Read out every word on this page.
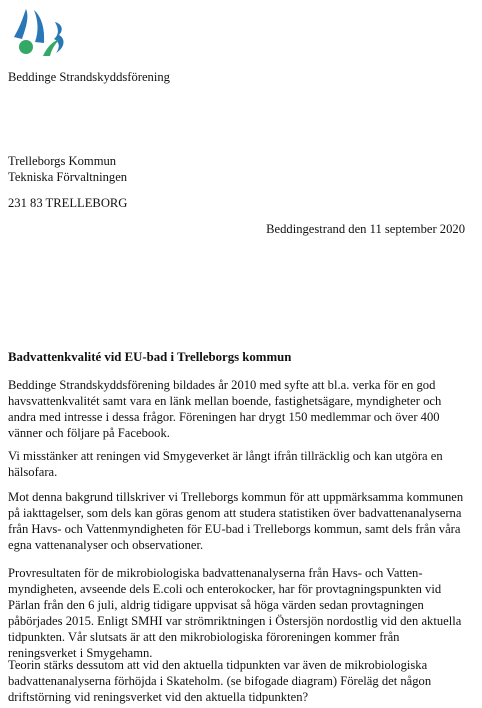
Beddinge Strandskyddsförening

Trelleborgs Kommun

Tekniska Förvaltningen

231 83 TRELLEBORG

Beddingestrand den 11 september 2020

Badvattenkvalité vid EU-bad i Trelleborgs kommun

Beddinge Strandskyddsförening bildades år 2010 med syfte att bl.a. verka för en god havsvattenkvalitét samt vara en länk mellan boende, fastighetsägare, myndigheter och andra med intresse i dessa frågor. Föreningen har drygt 150 medlemmar och över 400 vänner och följare på Facebook.

Vi misstänker att reningen vid Smygeverket är långt ifrån tillräcklig och kan utgöra en hälsofara.

Mot denna bakgrund tillskriver vi Trelleborgs kommun för att uppmärksamma kommunen på iakttagelser, som dels kan göras genom att studera statistiken över badvattenanalyserna från Havs- och Vattenmyndigheten för EU-bad i Trelleborgs kommun, samt dels från våra egna vattenanalyser och observationer.

Provresultaten för de mikrobiologiska badvattenanalyserna från Havs- och Vatten-myndigheten, avseende dels E.coli och enterokocker, har för provtagningspunkten vid Pärlan från den 6 juli, aldrig tidigare uppvisat så höga värden sedan provtagningen påbörjades 2015. Enligt SMHI var strömriktningen i Östersjön nordostlig vid den aktuella tidpunkten. Vår slutsats är att den mikrobiologiska föroreningen kommer från reningsverket i Smygehamn.

Teorin stärks dessutom att vid den aktuella tidpunkten var även de mikrobiologiska badvattenanalyserna förhöjda i Skateholm. (se bifogade diagram) Föreläg det någon driftstörning vid reningsverket vid den aktuella tidpunkten?
